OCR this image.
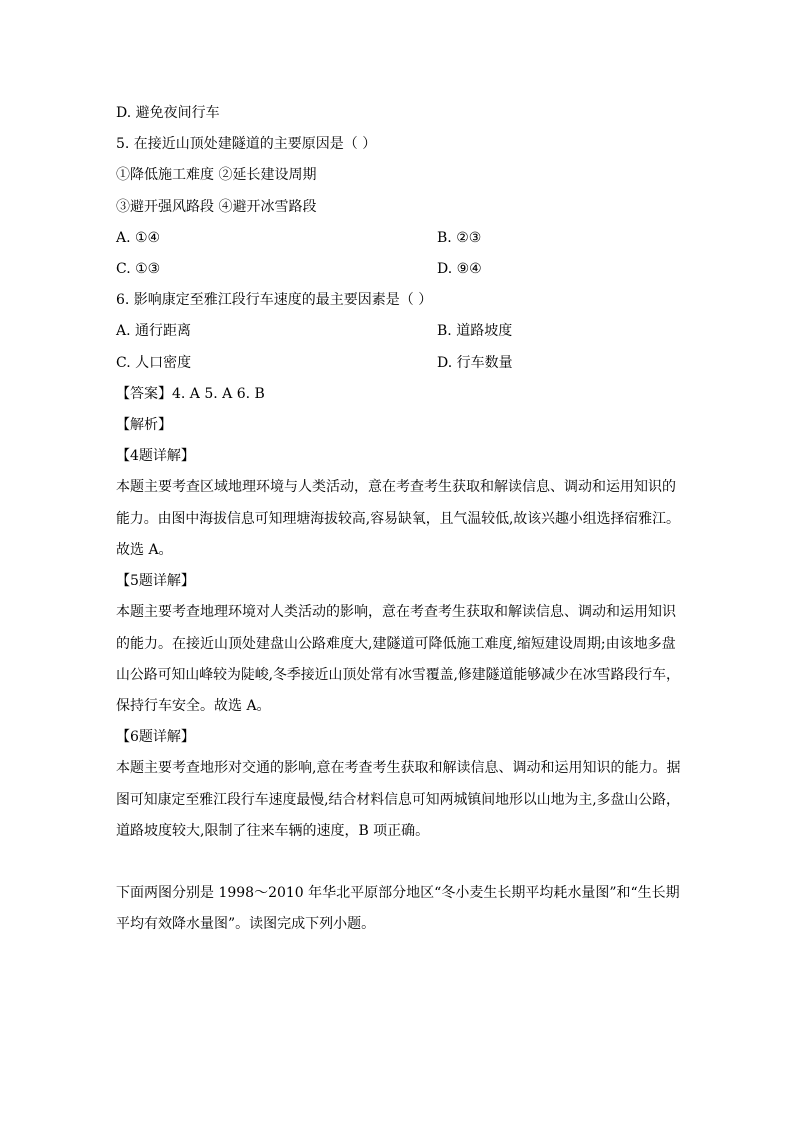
D. 避免夜间行车
5. 在接近山顶处建隧道的主要原因是（ ）
①降低施工难度 ②延长建设周期
③避开强风路段 ④避开冰雪路段
A. ①④	B. ②③
C. ①③	D. ⑨④
6. 影响康定至雅江段行车速度的最主要因素是（ ）
A. 通行距离	B. 道路坡度
C. 人口密度	D. 行车数量
【答案】4. A 5. A 6. B
【解析】
【4题详解】
本题主要考查区域地理环境与人类活动，意在考查考生获取和解读信息、调动和运用知识的
能力。由图中海拔信息可知理塘海拔较高,容易缺氧，且气温较低,故该兴趣小组选择宿雅江。
故选 A。
【5题详解】
本题主要考查地理环境对人类活动的影响，意在考查考生获取和解读信息、调动和运用知识
的能力。在接近山顶处建盘山公路难度大,建隧道可降低施工难度,缩短建设周期;由该地多盘
山公路可知山峰较为陡峻,冬季接近山顶处常有冰雪覆盖,修建隧道能够减少在冰雪路段行车，
保持行车安全。故选 A。
【6题详解】
本题主要考查地形对交通的影响,意在考查考生获取和解读信息、调动和运用知识的能力。据
图可知康定至雅江段行车速度最慢,结合材料信息可知两城镇间地形以山地为主,多盘山公路，
道路坡度较大,限制了往来车辆的速度，B 项正确。
下面两图分别是 1998～2010 年华北平原部分地区“冬小麦生长期平均耗水量图”和“生长期
平均有效降水量图”。读图完成下列小题。
